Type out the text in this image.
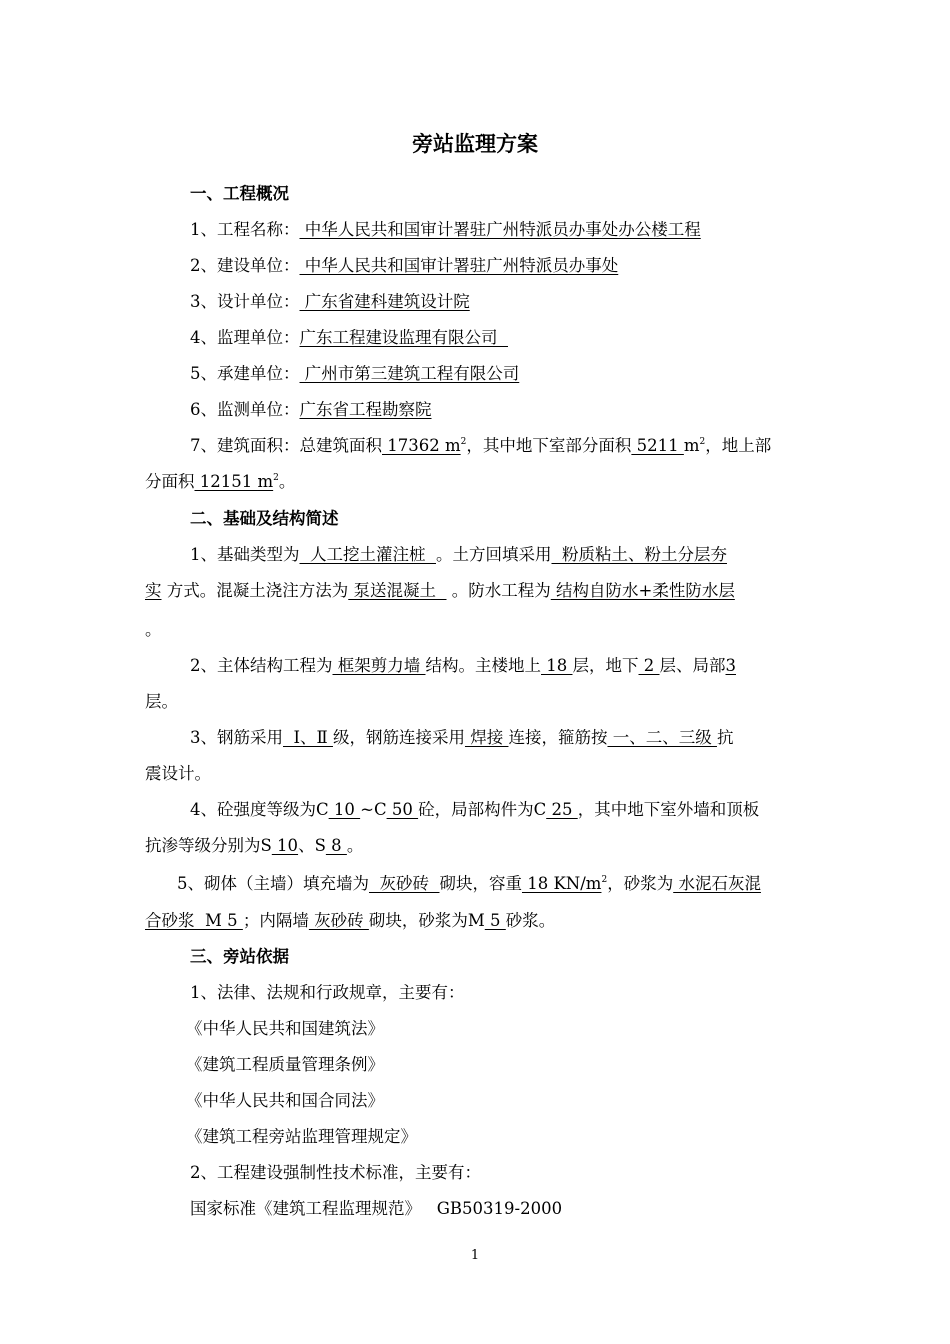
旁站监理方案
一、工程概况
1、工程名称： 中华人民共和国审计署驻广州特派员办事处办公楼工程
2、建设单位： 中华人民共和国审计署驻广州特派员办事处
3、设计单位： 广东省建科建筑设计院
4、监理单位：广东工程建设监理有限公司
5、承建单位： 广州市第三建筑工程有限公司
6、监测单位：广东省工程勘察院
7、建筑面积：总建筑面积 17362 $m^2$，其中地下室部分面积 5211 $m^2$，地上部
分面积 12151 $m^2$。
二、基础及结构简述
1、基础类型为  人工挖土灌注桩  。土方回填采用  粉质粘土、粉土分层夯
实 方式。混凝土浇注方法为 泵送混凝土   。防水工程为 结构自防水+柔性防水层
。
2、主体结构工程为 框架剪力墙 结构。主楼地上 18 层，地下 2 层、局部3
层。
3、钢筋采用  Ⅰ、Ⅱ 级，钢筋连接采用 焊接 连接，箍筋按 一、二、三级 抗
震设计。
4、砼强度等级为C 10 ~C 50 砼，局部构件为C 25 ，其中地下室外墙和顶板
抗渗等级分别为S 10、S 8 。
5、砌体（主墙）填充墙为  灰砂砖  砌块，容重 18 $KN/m^2$，砂浆为 水泥石灰混
合砂浆  M 5 ；内隔墙 灰砂砖 砌块，砂浆为M 5 砂浆。
三、旁站依据
1、法律、法规和行政规章，主要有：
《中华人民共和国建筑法》
《建筑工程质量管理条例》
《中华人民共和国合同法》
《建筑工程旁站监理管理规定》
2、工程建设强制性技术标准，主要有：
国家标准《建筑工程监理规范》   GB50319-2000
1
